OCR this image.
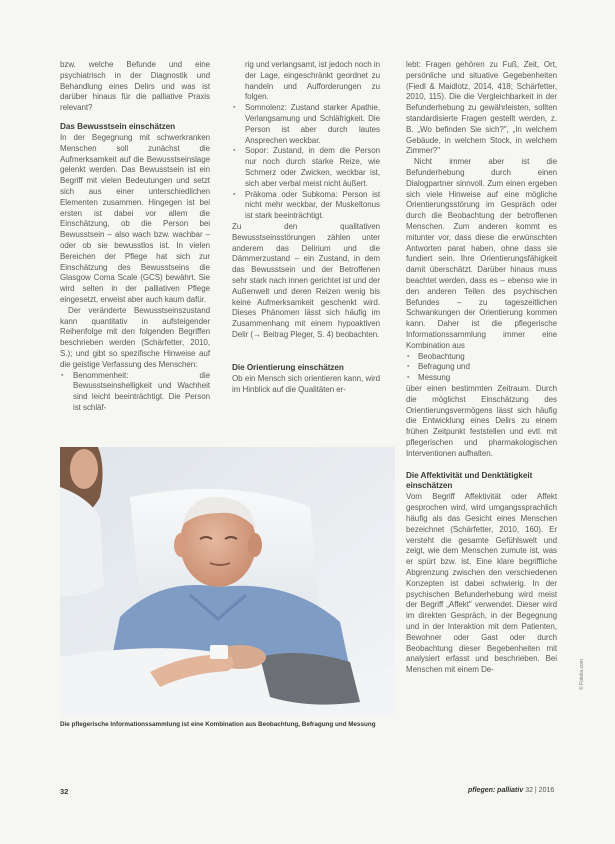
bzw. welche Befunde und eine psychiatrisch in der Diagnostik und Behandlung eines Delirs und was ist darüber hinaus für die palliative Praxis relevant?

Das Bewusstsein einschätzen

In der Begegnung mit schwerkranken Menschen soll zunächst die Aufmerksamkeit auf die Bewusstseinslage gelenkt werden. Das Bewusstsein ist ein Begriff mit vielen Bedeutungen und setzt sich aus einer unterschiedlichen Elementen zusammen. Hingegen ist bei ersten ist dabei vor allem die Einschätzung, ob die Person bei Bewusstsein – also wach bzw. wachbar – oder ob sie bewusstlos ist. In vielen Bereichen der Pflege hat sich zur Einschätzung des Bewusstseins die Glasgow Coma Scale (GCS) bewährt. Sie wird selten in der palliativen Pflege eingesetzt, erweist aber auch kaum dafür.

Der veränderte Bewusstseinszustand kann quantitativ in aufsteigender Reihenfolge mit den folgenden Begriffen beschrieben werden (Schärfetter, 2010, S.); und gibt so spezifische Hinweise auf die geistige Verfassung des Menschen:

▪ Benommenheit: die Bewusstseinshelligkeit und Wachheit sind leicht beeinträchtigt. Die Person ist schläf-

rig und verlangsamt, ist jedoch noch in der Lage, eingeschränkt geordnet zu handeln und Aufforderungen zu folgen.

▪ Somnolenz: Zustand starker Apathie, Verlangsamung und Schläfrigkeit. Die Person ist aber durch lautes Ansprechen weckbar.
▪ Sopor: Zustand, in dem die Person nur noch durch starke Reize, wie Schmerz oder Zwicken, weckbar ist, sich aber verbal meist nicht äußert.
▪ Präkoma oder Subkoma: Person ist nicht mehr weckbar, der Muskeltonus ist stark beeinträchtigt.

Zu den qualitativen Bewusstseinsstörungen zählen unter anderem das Delirium und die Dämmerzustand – ein Zustand, in dem das Bewusstsein und der Betroffenen sehr stark nach innen gerichtet ist und der Außenwelt und deren Reizen wenig bis keine Aufmerksamkeit geschenkt wird. Dieses Phänomen lässt sich häufig im Zusammenhang mit einem hypoaktiven Delir (→ Beitrag Pleger, S. 4) beobachten.

Die Orientierung einschätzen

Ob ein Mensch sich orientieren kann, wird im Hinblick auf die Qualitäten er-

lebt: Fragen gehören zu Fuß, Zeit, Ort, persönliche und situative Gegebenheiten (Fiedl & Maidlotz, 2014, 418; Schärfetter, 2010, 115). Die die Vergleichbarkeit in der Befunderhebung zu gewährleisten, sollten standardisierte Fragen gestellt werden, z. B. „Wo befinden Sie sich?", „In welchem Gebäude, in welchem Stock, in welchem Zimmer?"

Nicht immer aber ist die Befunderhebung durch einen Dialogpartner sinnvoll. Zum einen ergeben sich viele Hinweise auf eine mögliche Orientierungsstörung im Gespräch oder durch die Beobachtung der betroffenen Menschen. Zum anderen kommt es mitunter vor, dass diese die erwünschten Antworten parat haben, ohne dass sie fundiert sein. Ihre Orientierungsfähigkeit damit überschätzt. Darüber hinaus muss beachtet werden, dass es – ebenso wie in den anderen Teilen des psychischen Befundes – zu tageszeitlichen Schwankungen der Orientierung kommen kann. Daher ist die pflegerische Informationssammlung immer eine Kombination aus

▪ Beobachtung
▪ Befragung und
▪ Messung

über einen bestimmten Zeitraum. Durch die möglichst Einschätzung des Orientierungsvermögens lässt sich häufig die Entwicklung eines Delirs zu einem frühen Zeitpunkt feststellen und evtl. mit pflegerischen und pharmakologischen Interventionen aufhalten.

Die Affektivität und Denktätigkeit einschätzen

Vom Begriff Affektivität oder Affekt gesprochen wird, wird umgangssprachlich häufig als das Gesicht eines Menschen bezeichnet (Schärfetter, 2010, 160). Er versteht die gesamte Gefühlswelt und zeigt, wie dem Menschen zumute ist, was er spürt bzw. ist. Eine klare begriffliche Abgrenzung zwischen den verschiedenen Konzepten ist dabei schwierig. In der psychischen Befunderhebung wird meist der Begriff „Affekt" verwendet. Dieser wird im direkten Gespräch, in der Begegnung und in der Interaktion mit dem Patienten, Bewohner oder Gast oder durch Beobachtung dieser Begebenheiten mit analysiert erfasst und beschrieben. Bei Menschen mit einem De-

Die pflegerische Informationssammlung ist eine Kombination aus Beobachtung, Befragung und Messung
© Fotolia.com
32	pflegen: palliativ 32 | 2016
